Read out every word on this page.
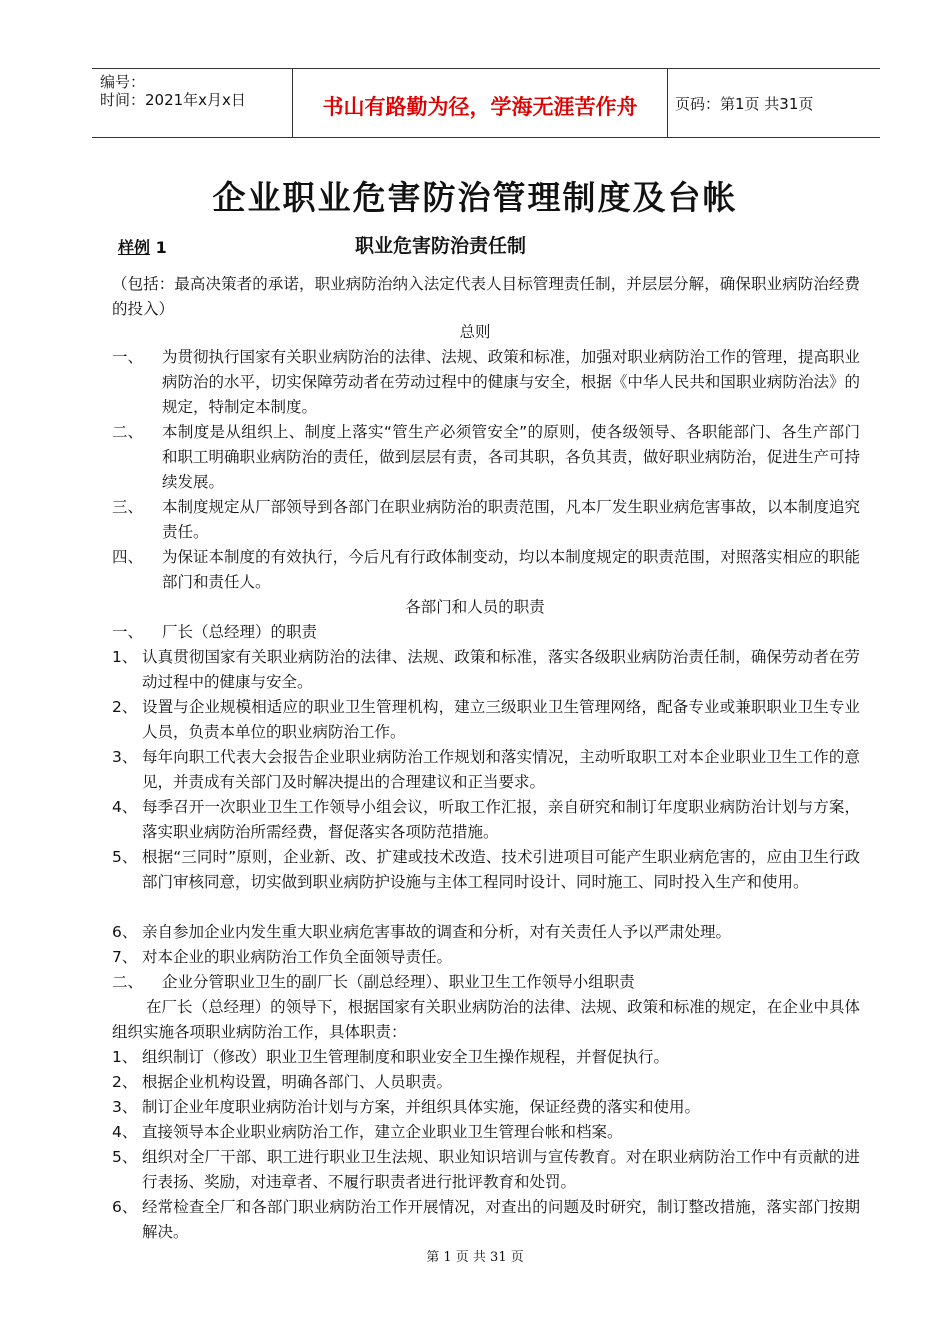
编号：
时间：2021年x月x日	书山有路勤为径，学海无涯苦作舟	页码：第1页 共31页
企业职业危害防治管理制度及台帐
样例 1	职业危害防治责任制
（包括：最高决策者的承诺，职业病防治纳入法定代表人目标管理责任制，并层层分解，确保职业病防治经费的投入）
总则
一、 为贯彻执行国家有关职业病防治的法律、法规、政策和标准，加强对职业病防治工作的管理，提高职业病防治的水平，切实保障劳动者在劳动过程中的健康与安全，根据《中华人民共和国职业病防治法》的规定，特制定本制度。
二、 本制度是从组织上、制度上落实“管生产必须管安全”的原则，使各级领导、各职能部门、各生产部门和职工明确职业病防治的责任，做到层层有责，各司其职，各负其责，做好职业病防治，促进生产可持续发展。
三、 本制度规定从厂部领导到各部门在职业病防治的职责范围，凡本厂发生职业病危害事故，以本制度追究责任。
四、 为保证本制度的有效执行，今后凡有行政体制变动，均以本制度规定的职责范围，对照落实相应的职能部门和责任人。
各部门和人员的职责
一、 厂长（总经理）的职责
1、 认真贯彻国家有关职业病防治的法律、法规、政策和标准，落实各级职业病防治责任制，确保劳动者在劳动过程中的健康与安全。
2、 设置与企业规模相适应的职业卫生管理机构，建立三级职业卫生管理网络，配备专业或兼职职业卫生专业人员，负责本单位的职业病防治工作。
3、 每年向职工代表大会报告企业职业病防治工作规划和落实情况，主动听取职工对本企业职业卫生工作的意见，并责成有关部门及时解决提出的合理建议和正当要求。
4、 每季召开一次职业卫生工作领导小组会议，听取工作汇报，亲自研究和制订年度职业病防治计划与方案，落实职业病防治所需经费，督促落实各项防范措施。
5、 根据“三同时”原则，企业新、改、扩建或技术改造、技术引进项目可能产生职业病危害的，应由卫生行政部门审核同意，切实做到职业病防护设施与主体工程同时设计、同时施工、同时投入生产和使用。
6、 亲自参加企业内发生重大职业病危害事故的调查和分析，对有关责任人予以严肃处理。
7、 对本企业的职业病防治工作负全面领导责任。
二、 企业分管职业卫生的副厂长（副总经理）、职业卫生工作领导小组职责
在厂长（总经理）的领导下，根据国家有关职业病防治的法律、法规、政策和标准的规定，在企业中具体组织实施各项职业病防治工作，具体职责：
1、 组织制订（修改）职业卫生管理制度和职业安全卫生操作规程，并督促执行。
2、 根据企业机构设置，明确各部门、人员职责。
3、 制订企业年度职业病防治计划与方案，并组织具体实施，保证经费的落实和使用。
4、 直接领导本企业职业病防治工作，建立企业职业卫生管理台帐和档案。
5、 组织对全厂干部、职工进行职业卫生法规、职业知识培训与宣传教育。对在职业病防治工作中有贡献的进行表扬、奖励，对违章者、不履行职责者进行批评教育和处罚。
6、 经常检查全厂和各部门职业病防治工作开展情况，对查出的问题及时研究，制订整改措施，落实部门按期解决。
第 1 页 共 31 页
